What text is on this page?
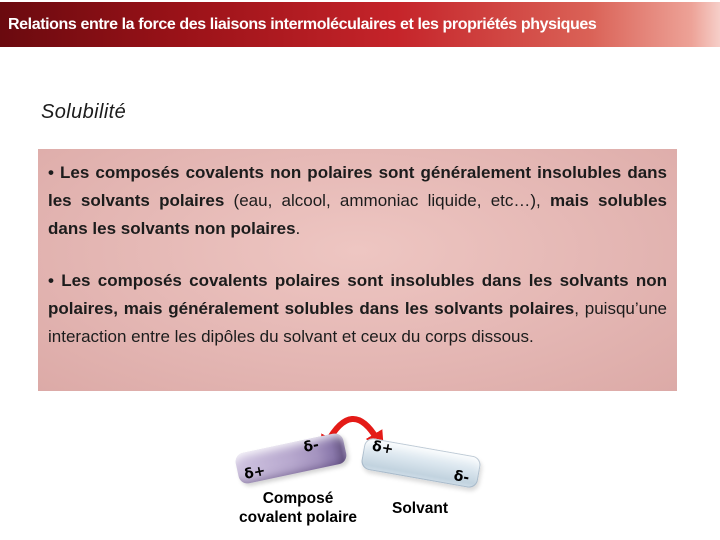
Relations entre la force des liaisons intermoléculaires et les propriétés physiques
Solubilité

• Les composés covalents non polaires sont généralement insolubles dans les solvants polaires (eau, alcool, ammoniac liquide, etc…), mais solubles dans les solvants non polaires.

• Les composés covalents polaires sont insolubles dans les solvants non polaires, mais généralement solubles dans les solvants polaires, puisqu’une interaction entre les dipôles du solvant et ceux du corps dissous.

δ+
δ-	δ+
δ-
Composé
covalent polaire
Solvant
